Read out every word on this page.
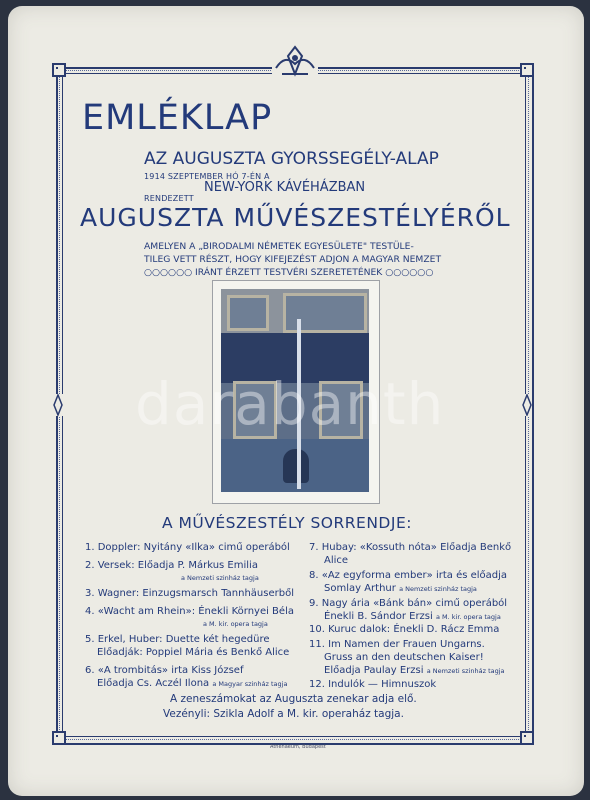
EMLÉKLAP
AZ AUGUSZTA GYORSSEGÉLY-ALAP
1914 SZEPTEMBER HÓ 7-ÉN A
NEW-YORK KÁVÉHÁZBAN
RENDEZETT
AUGUSZTA MŰVÉSZESTÉLYÉRŐL
AMELYEN A „BIRODALMI NÉMETEK EGYESÜLETE" TESTÜLE-
TILEG VETT RÉSZT, HOGY KIFEJEZÉST ADJON A MAGYAR NEMZET
○○○○○○ IRÁNT ÉRZETT TESTVÉRI SZERETETÉNEK ○○○○○○
A MŰVÉSZESTÉLY SORRENDJE:
1. Doppler: Nyitány «Ilka» cimű operából
2. Versek: Előadja P. Márkus Emilia
a Nemzeti szinház tagja
3. Wagner: Einzugsmarsch Tannhäuserből
4. «Wacht am Rhein»: Énekli Környei Béla
a M. kir. opera tagja
5. Erkel, Huber: Duette két hegedüre
Előadják: Poppiel Mária és Benkő Alice
6. «A trombitás» irta Kiss József
Előadja Cs. Aczél Ilona a Magyar szinház tagja
7. Hubay: «Kossuth nóta» Előadja Benkő
Alice
8. «Az egyforma ember» irta és előadja
Somlay Arthur a Nemzeti szinház tagja
9. Nagy ária «Bánk bán» cimű operából
Énekli B. Sándor Erzsi a M. kir. opera tagja
10. Kuruc dalok: Énekli D. Rácz Emma
11. Im Namen der Frauen Ungarns.
Gruss an den deutschen Kaiser!
Előadja Paulay Erzsi a Nemzeti szinház tagja
12. Indulók — Himnuszok
A zeneszámokat az Auguszta zenekar adja elő.
Vezényli: Szikla Adolf a M. kir. operaház tagja.
Athenaeum, Budapest
darabanth
